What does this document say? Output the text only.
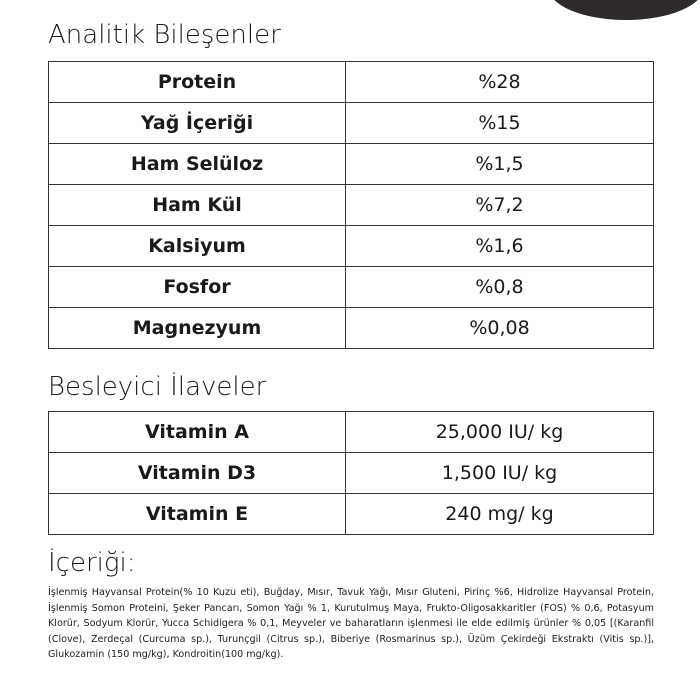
Analitik Bileşenler
Protein	%28
Yağ İçeriği	%15
Ham Selüloz	%1,5
Ham Kül	%7,2
Kalsiyum	%1,6
Fosfor	%0,8
Magnezyum	%0,08
Besleyici İlaveler
Vitamin A	25,000 IU/ kg
Vitamin D3	1,500 IU/ kg
Vitamin E	240 mg/ kg
İçeriği:
İşlenmiş Hayvansal Protein(% 10 Kuzu eti), Buğday, Mısır, Tavuk Yağı, Mısır Gluteni, Pirinç %6, Hidrolize Hayvansal Protein, İşlenmiş Somon Proteini, Şeker Pancarı, Somon Yağı % 1, Kurutulmuş Maya, Frukto-Oligosakkaritler (FOS) % 0,6, Potasyum Klorür, Sodyum Klorür, Yucca Schidigera % 0,1, Meyveler ve baharatların işlenmesi ile elde edilmiş ürünler % 0,05 [(Karanfil (Clove), Zerdeçal (Curcuma sp.), Turunçgil (Citrus sp.), Biberiye (Rosmarinus sp.), Üzüm Çekirdeği Ekstraktı (Vitis sp.)], Glukozamin (150 mg/kg), Kondroitin(100 mg/kg).
